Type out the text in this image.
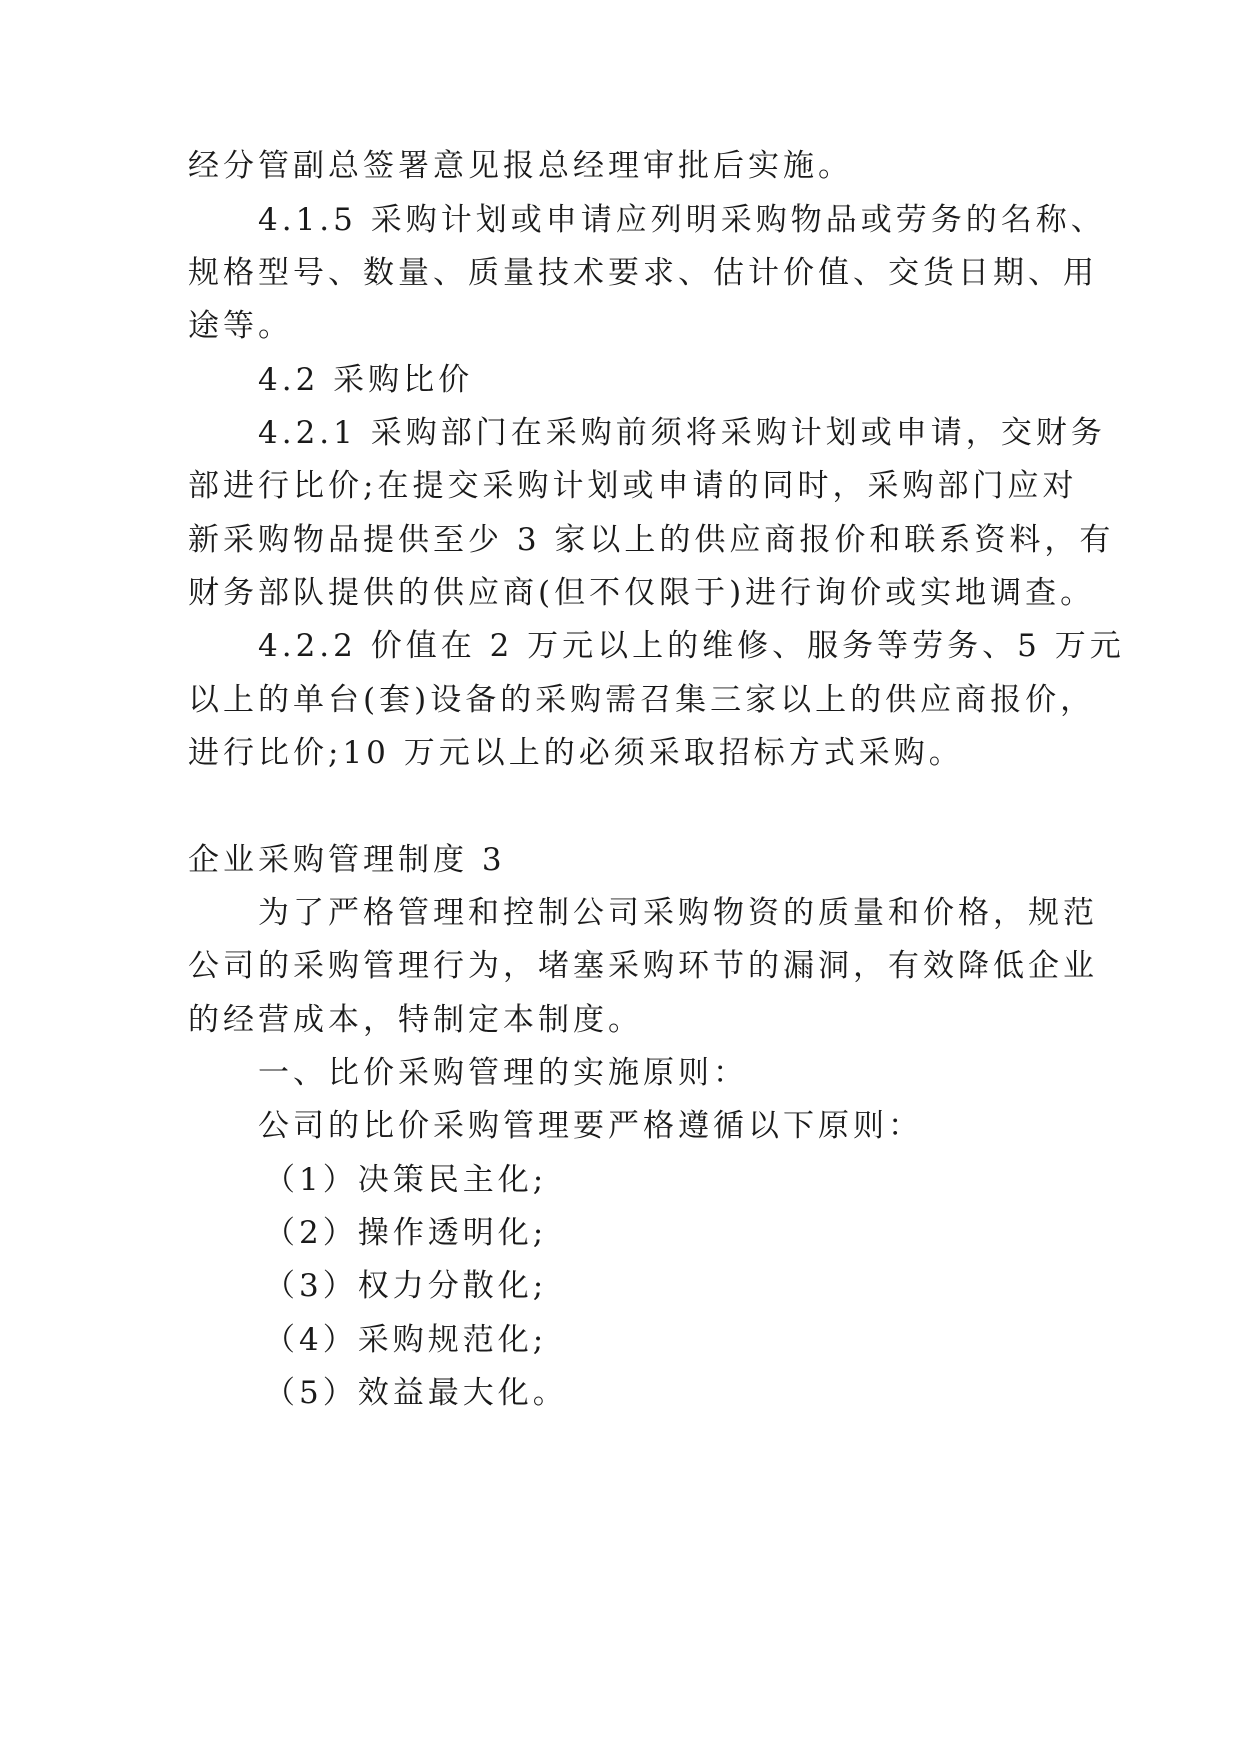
经分管副总签署意见报总经理审批后实施。
4.1.5 采购计划或申请应列明采购物品或劳务的名称、
规格型号、数量、质量技术要求、估计价值、交货日期、用
途等。
4.2 采购比价
4.2.1 采购部门在采购前须将采购计划或申请，交财务
部进行比价;在提交采购计划或申请的同时，采购部门应对
新采购物品提供至少 3 家以上的供应商报价和联系资料，有
财务部队提供的供应商(但不仅限于)进行询价或实地调查。
4.2.2 价值在 2 万元以上的维修、服务等劳务、5 万元
以上的单台(套)设备的采购需召集三家以上的供应商报价，
进行比价;10 万元以上的必须采取招标方式采购。
企业采购管理制度 3
为了严格管理和控制公司采购物资的质量和价格，规范
公司的采购管理行为，堵塞采购环节的漏洞，有效降低企业
的经营成本，特制定本制度。
一、比价采购管理的实施原则：
公司的比价采购管理要严格遵循以下原则：
（1）决策民主化;
（2）操作透明化;
（3）权力分散化;
（4）采购规范化;
（5）效益最大化。
